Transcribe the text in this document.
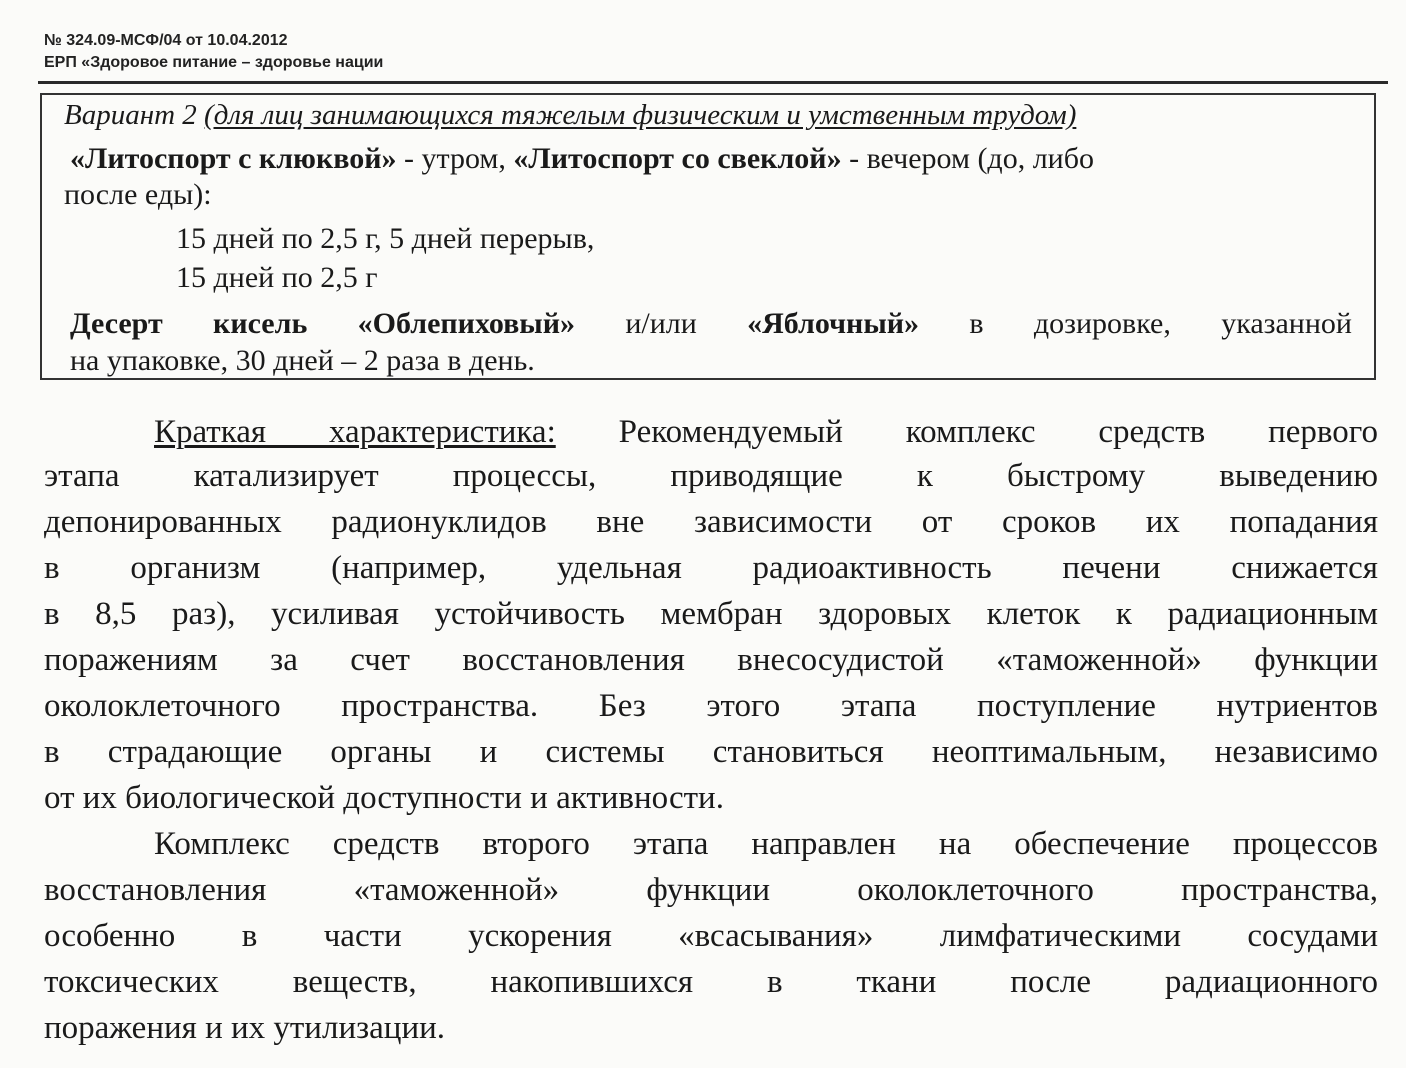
№ 324.09-МСФ/04 от 10.04.2012
ЕРП «Здоровое питание – здоровье нации
Вариант 2 (для лиц занимающихся тяжелым физическим и умственным трудом)
«Литоспорт с клюквой» - утром, «Литоспорт со свеклой» - вечером (до, либо
после еды):
15 дней по 2,5 г, 5 дней перерыв,
15 дней по 2,5 г
Десерт кисель «Облепиховый» и/или «Яблочный» в дозировке, указанной
на упаковке, 30 дней – 2 раза в день.
Краткая характеристика: Рекомендуемый комплекс средств первого
этапа катализирует процессы, приводящие к быстрому выведению
депонированных радионуклидов вне зависимости от сроков их попадания
в организм (например, удельная радиоактивность печени снижается
в 8,5 раз), усиливая устойчивость мембран здоровых клеток к радиационным
поражениям за счет восстановления внесосудистой «таможенной» функции
околоклеточного пространства. Без этого этапа поступление нутриентов
в страдающие органы и системы становиться неоптимальным, независимо
от их биологической доступности и активности.
Комплекс средств второго этапа направлен на обеспечение процессов
восстановления «таможенной» функции околоклеточного пространства,
особенно в части ускорения «всасывания» лимфатическими сосудами
токсических веществ, накопившихся в ткани после радиационного
поражения и их утилизации.
